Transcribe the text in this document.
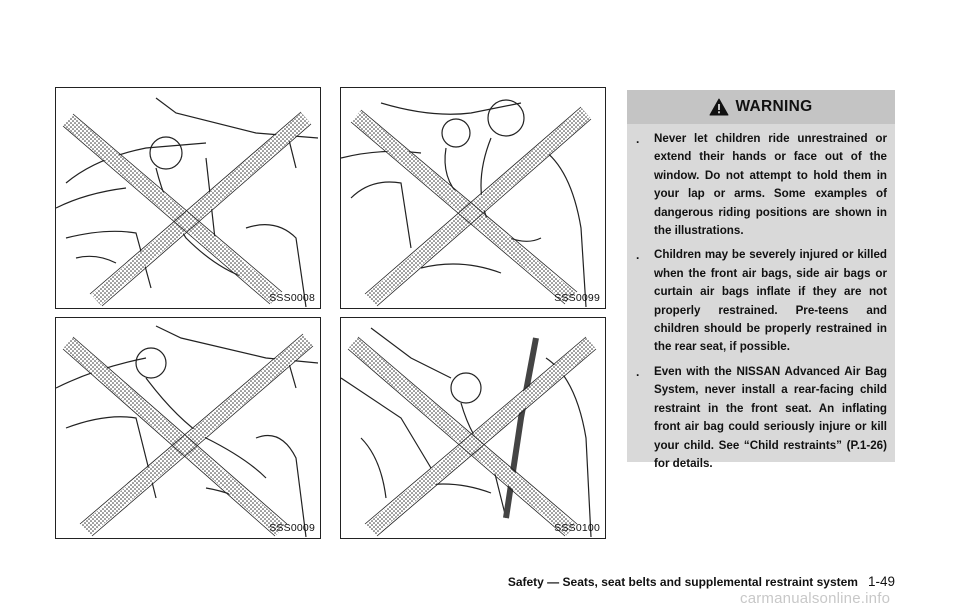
SSS0008	SSS0099
SSS0009	SSS0100
WARNING
. Never let children ride unrestrained or extend their hands or face out of the window. Do not attempt to hold them in your lap or arms. Some examples of dangerous riding positions are shown in the illustrations.
. Children may be severely injured or killed when the front air bags, side air bags or curtain air bags inflate if they are not properly restrained. Pre-teens and children should be properly restrained in the rear seat, if possible.
. Even with the NISSAN Advanced Air Bag System, never install a rear-facing child restraint in the front seat. An inflating front air bag could seriously injure or kill your child. See “Child restraints” (P.1-26) for details.
Safety — Seats, seat belts and supplemental restraint system 1-49
carmanualsonline.info
